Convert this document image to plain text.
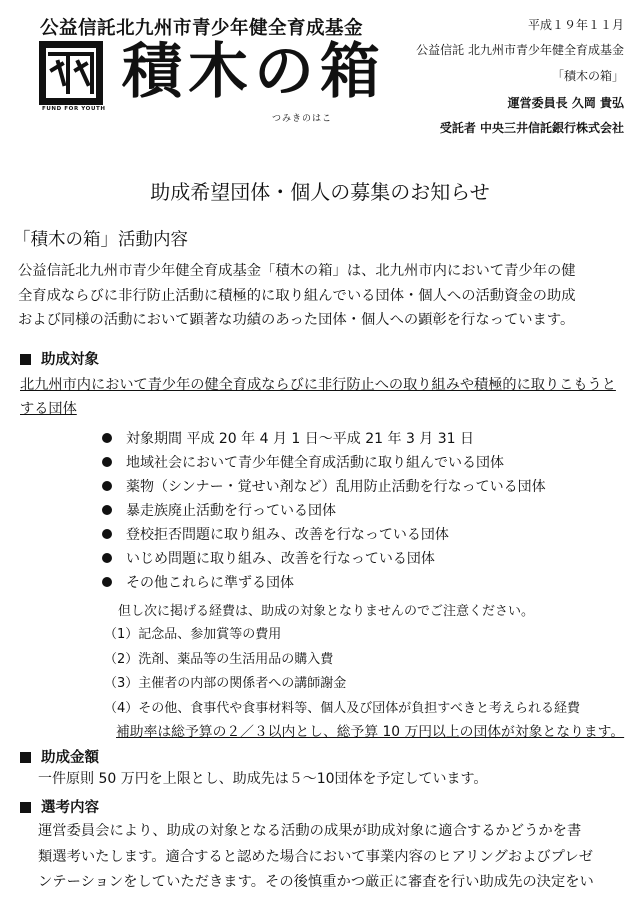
公益信託北九州市青少年健全育成基金
FUND FOR YOUTH
積木の箱
つみきのはこ
平成１９年１１月
公益信託 北九州市青少年健全育成基金
「積木の箱」
運営委員長 久岡 貴弘
受託者 中央三井信託銀行株式会社
助成希望団体・個人の募集のお知らせ
「積木の箱」活動内容
公益信託北九州市青少年健全育成基金「積木の箱」は、北九州市内において青少年の健
全育成ならびに非行防止活動に積極的に取り組んでいる団体・個人への活動資金の助成
および同様の活動において顕著な功績のあった団体・個人への顕彰を行なっています。
助成対象
北九州市内において青少年の健全育成ならびに非行防止への取り組みや積極的に取りこもうと
する団体
対象期間 平成 20 年 4 月 1 日～平成 21 年 3 月 31 日
地域社会において青少年健全育成活動に取り組んでいる団体
薬物（シンナー・覚せい剤など）乱用防止活動を行なっている団体
暴走族廃止活動を行っている団体
登校拒否問題に取り組み、改善を行なっている団体
いじめ問題に取り組み、改善を行なっている団体
その他これらに準ずる団体
但し次に掲げる経費は、助成の対象となりませんのでご注意ください。
（1）記念品、参加賞等の費用
（2）洗剤、薬品等の生活用品の購入費
（3）主催者の内部の関係者への講師謝金
（4）その他、食事代や食事材料等、個人及び団体が負担すべきと考えられる経費
補助率は総予算の２／３以内とし、総予算 10 万円以上の団体が対象となります。
助成金額
一件原則 50 万円を上限とし、助成先は５～10団体を予定しています。
選考内容
運営委員会により、助成の対象となる活動の成果が助成対象に適合するかどうかを書
類選考いたします。適合すると認めた場合において事業内容のヒアリングおよびプレゼ
ンテーションをしていただきます。その後慎重かつ厳正に審査を行い助成先の決定をい
